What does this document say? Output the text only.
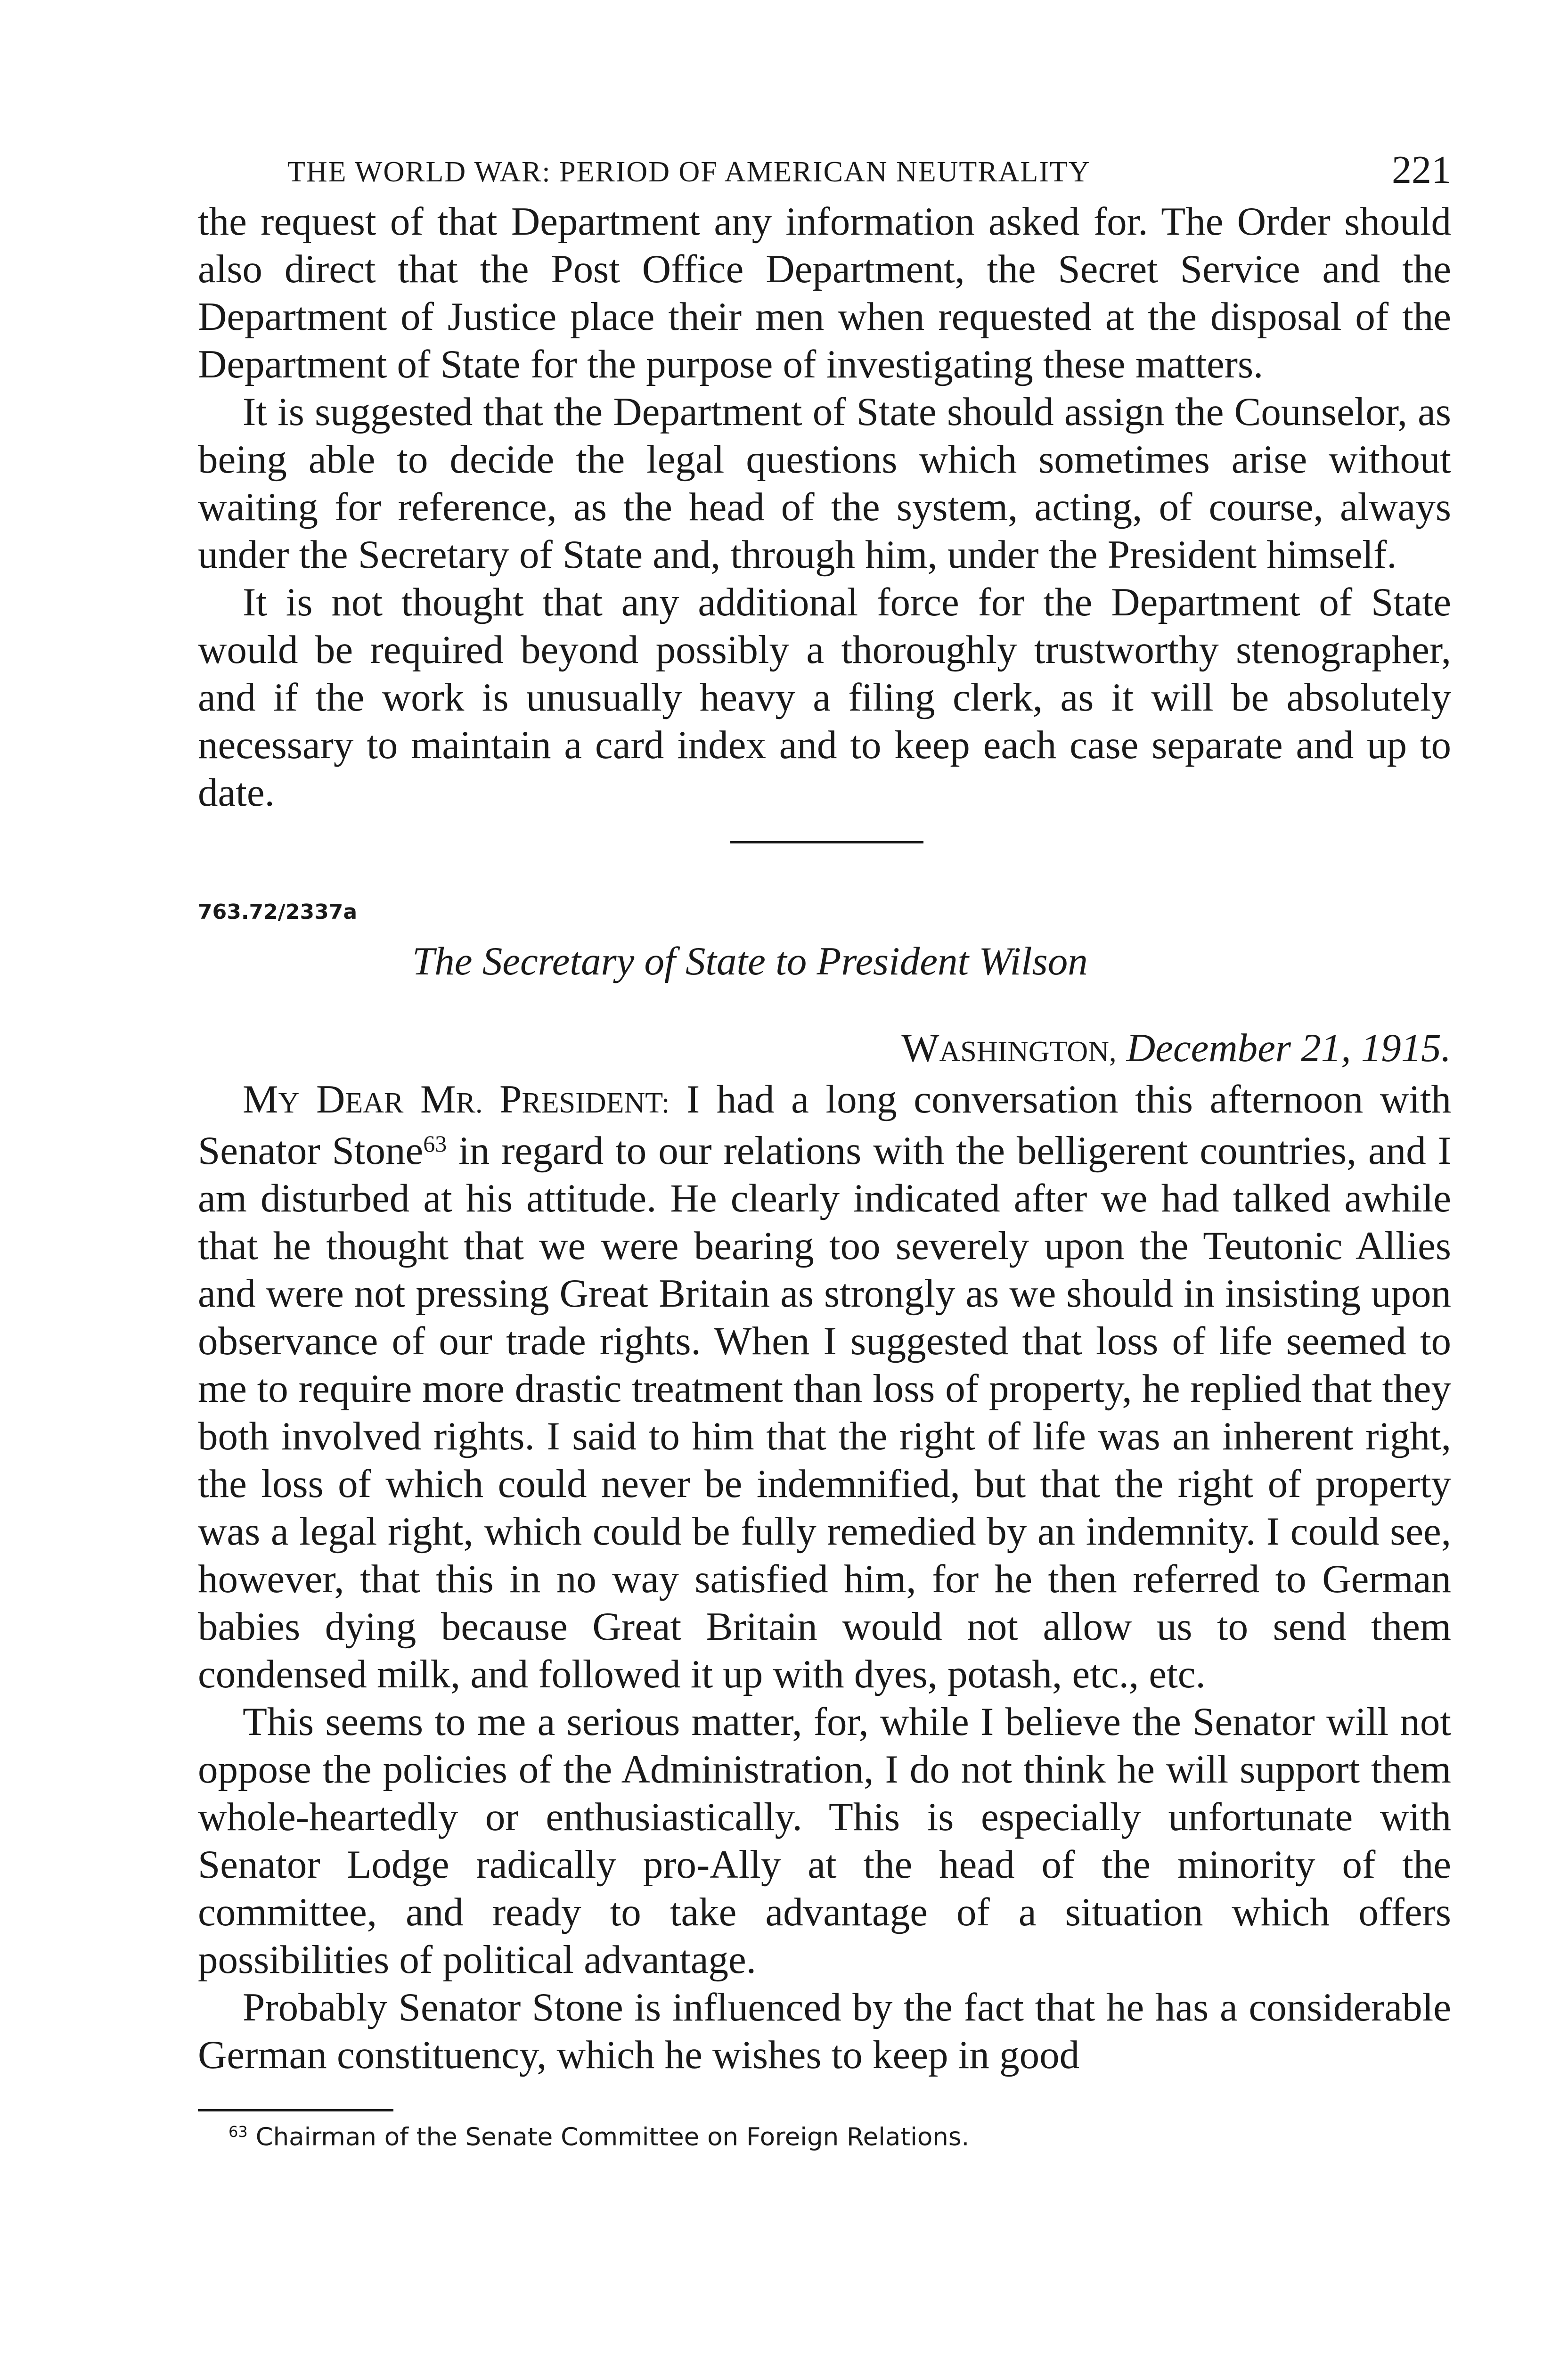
THE WORLD WAR: PERIOD OF AMERICAN NEUTRALITY	221

the request of that Department any information asked for. The Order should also direct that the Post Office Department, the Secret Service and the Department of Justice place their men when requested at the disposal of the Department of State for the purpose of investigating these matters.

It is suggested that the Department of State should assign the Counselor, as being able to decide the legal questions which sometimes arise without waiting for reference, as the head of the system, acting, of course, always under the Secretary of State and, through him, under the President himself.

It is not thought that any additional force for the Department of State would be required beyond possibly a thoroughly trustworthy stenographer, and if the work is unusually heavy a filing clerk, as it will be absolutely necessary to maintain a card index and to keep each case separate and up to date.

763.72/2337a
The Secretary of State to President Wilson
WASHINGTON, December 21, 1915.

MY DEAR MR. PRESIDENT: I had a long conversation this afternoon with Senator Stone$^{63}$ in regard to our relations with the belligerent countries, and I am disturbed at his attitude. He clearly indicated after we had talked awhile that he thought that we were bearing too severely upon the Teutonic Allies and were not pressing Great Britain as strongly as we should in insisting upon observance of our trade rights. When I suggested that loss of life seemed to me to require more drastic treatment than loss of property, he replied that they both involved rights. I said to him that the right of life was an inherent right, the loss of which could never be indemnified, but that the right of property was a legal right, which could be fully remedied by an indemnity. I could see, however, that this in no way satisfied him, for he then referred to German babies dying because Great Britain would not allow us to send them condensed milk, and followed it up with dyes, potash, etc., etc.

This seems to me a serious matter, for, while I believe the Senator will not oppose the policies of the Administration, I do not think he will support them whole-heartedly or enthusiastically. This is especially unfortunate with Senator Lodge radically pro-Ally at the head of the minority of the committee, and ready to take advantage of a situation which offers possibilities of political advantage.

Probably Senator Stone is influenced by the fact that he has a considerable German constituency, which he wishes to keep in good

$^{63}$ Chairman of the Senate Committee on Foreign Relations.
